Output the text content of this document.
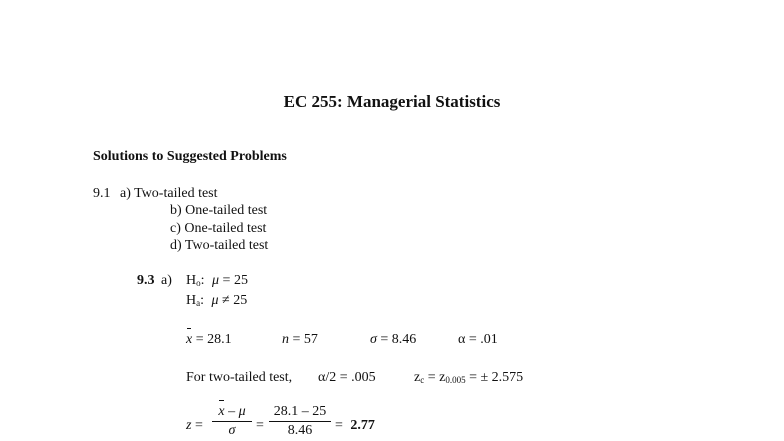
EC 255: Managerial Statistics
Solutions to Suggested Problems
9.1 a) Two-tailed test
b) One-tailed test
c) One-tailed test
d) Two-tailed test
9.3 a) $H_o$: μ = 25
$H_a$: μ ≠ 25
x = 28.1	n = 57	σ = 8.46	α = .01
For two-tailed test, α/2 = .005	$z_c = z_{0.005}$ = ± 2.575
z =
x – μ
σ	=
28.1 – 25
8.46	= 2.77
